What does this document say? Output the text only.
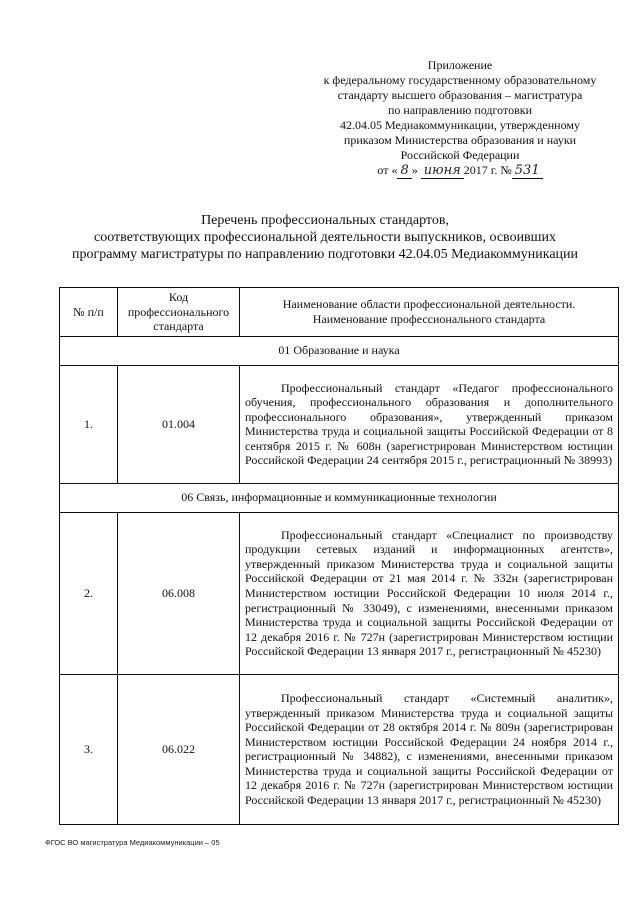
Приложение
к федеральному государственному образовательному
стандарту высшего образования – магистратура
по направлению подготовки
42.04.05 Медиакоммуникации, утвержденному
приказом Министерства образования и науки
Российской Федерации
от « 8 » июня 2017 г. № 531
Перечень профессиональных стандартов,
соответствующих профессиональной деятельности выпускников, освоивших
программу магистратуры по направлению подготовки 42.04.05 Медиакоммуникации
№ п/п	Код профессионального стандарта	Наименование области профессиональной деятельности. Наименование профессионального стандарта
01 Образование и наука		
1.	01.004	Профессиональный стандарт «Педагог профессионального обучения, профессионального образования и дополнительного профессионального образования», утвержденный приказом Министерства труда и социальной защиты Российской Федерации от 8 сентября 2015 г. № 608н (зарегистрирован Министерством юстиции Российской Федерации 24 сентября 2015 г., регистрационный № 38993)
06 Связь, информационные и коммуникационные технологии		
2.	06.008	Профессиональный стандарт «Специалист по производству продукции сетевых изданий и информационных агентств», утвержденный приказом Министерства труда и социальной защиты Российской Федерации от 21 мая 2014 г. № 332н (зарегистрирован Министерством юстиции Российской Федерации 10 июля 2014 г., регистрационный № 33049), с изменениями, внесенными приказом Министерства труда и социальной защиты Российской Федерации от 12 декабря 2016 г. № 727н (зарегистрирован Министерством юстиции Российской Федерации 13 января 2017 г., регистрационный № 45230)
3.	06.022	Профессиональный стандарт «Системный аналитик», утвержденный приказом Министерства труда и социальной защиты Российской Федерации от 28 октября 2014 г. № 809н (зарегистрирован Министерством юстиции Российской Федерации 24 ноября 2014 г., регистрационный № 34882), с изменениями, внесенными приказом Министерства труда и социальной защиты Российской Федерации от 12 декабря 2016 г. № 727н (зарегистрирован Министерством юстиции Российской Федерации 13 января 2017 г., регистрационный № 45230)
ФГОС ВО магистратура Медиакоммуникации – 05
